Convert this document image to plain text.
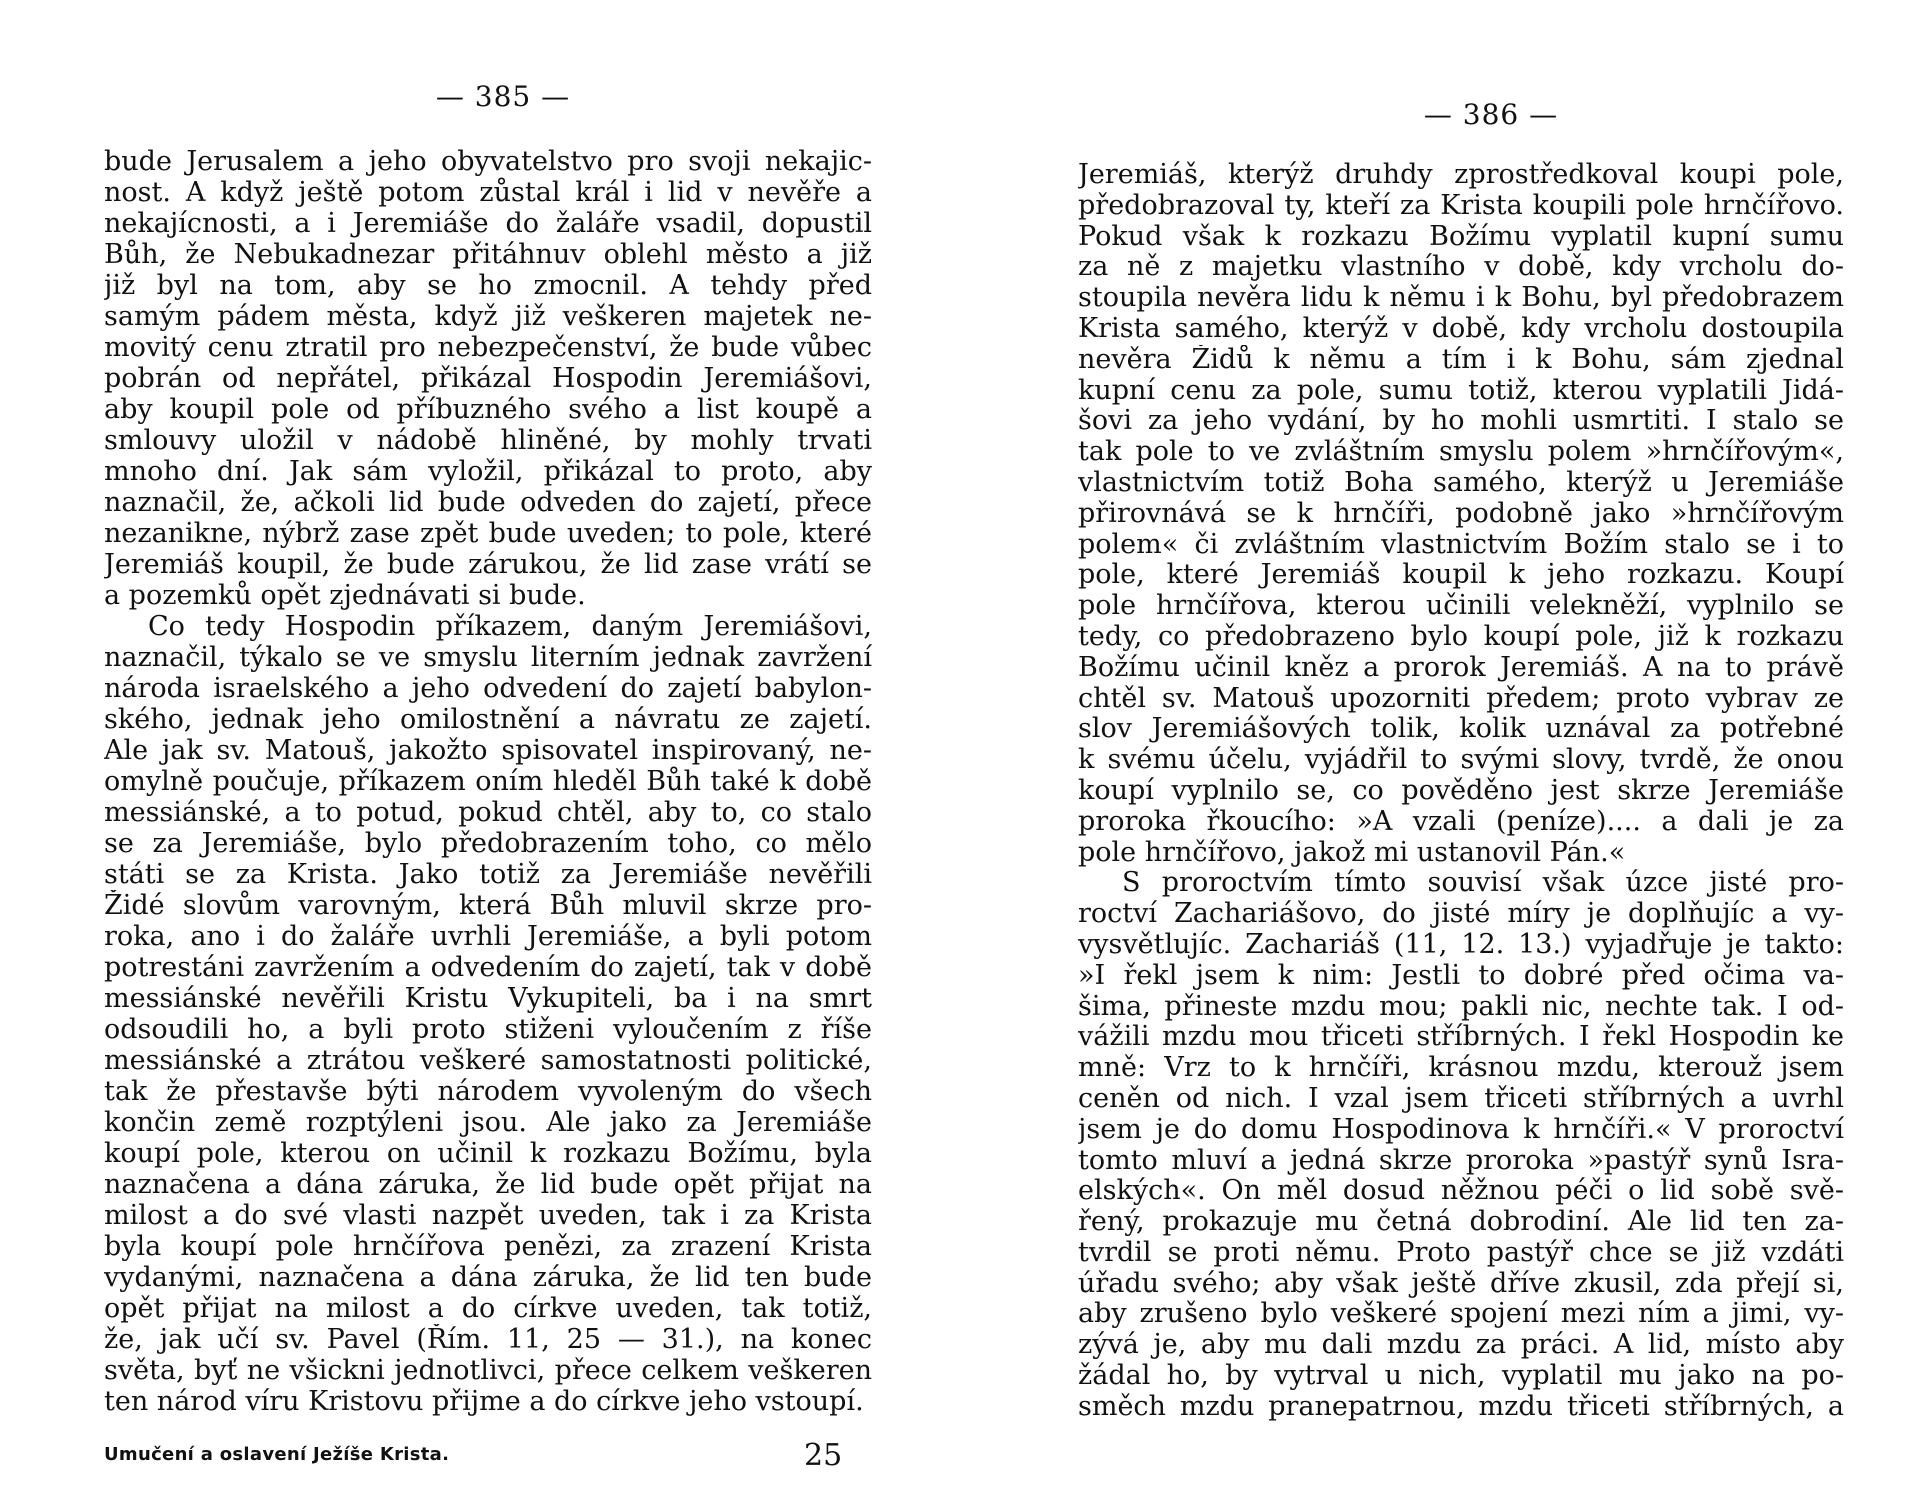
— 385 —
bude Jerusalem a jeho obyvatelstvo pro svoji nekajic-
nost. A když ještě potom zůstal král i lid v nevěře a
nekajícnosti, a i Jeremiáše do žaláře vsadil, dopustil
Bůh, že Nebukadnezar přitáhnuv oblehl město a již
již byl na tom, aby se ho zmocnil. A tehdy před
samým pádem města, když již veškeren majetek ne-
movitý cenu ztratil pro nebezpečenství, že bude vůbec
pobrán od nepřátel, přikázal Hospodin Jeremiášovi,
aby koupil pole od příbuzného svého a list koupě a
smlouvy uložil v nádobě hliněné, by mohly trvati
mnoho dní. Jak sám vyložil, přikázal to proto, aby
naznačil, že, ačkoli lid bude odveden do zajetí, přece
nezanikne, nýbrž zase zpět bude uveden; to pole, které
Jeremiáš koupil, že bude zárukou, že lid zase vrátí se
a pozemků opět zjednávati si bude.
Co tedy Hospodin příkazem, daným Jeremiášovi,
naznačil, týkalo se ve smyslu literním jednak zavržení
národa israelského a jeho odvedení do zajetí babylon-
ského, jednak jeho omilostnění a návratu ze zajetí.
Ale jak sv. Matouš, jakožto spisovatel inspirovaný, ne-
omylně poučuje, příkazem oním hleděl Bůh také k době
messiánské, a to potud, pokud chtěl, aby to, co stalo
se za Jeremiáše, bylo předobrazením toho, co mělo
státi se za Krista. Jako totiž za Jeremiáše nevěřili
Židé slovům varovným, která Bůh mluvil skrze pro-
roka, ano i do žaláře uvrhli Jeremiáše, a byli potom
potrestáni zavržením a odvedením do zajetí, tak v době
messiánské nevěřili Kristu Vykupiteli, ba i na smrt
odsoudili ho, a byli proto stiženi vyloučením z říše
messiánské a ztrátou veškeré samostatnosti politické,
tak že přestavše býti národem vyvoleným do všech
končin země rozptýleni jsou. Ale jako za Jeremiáše
koupí pole, kterou on učinil k rozkazu Božímu, byla
naznačena a dána záruka, že lid bude opět přijat na
milost a do své vlasti nazpět uveden, tak i za Krista
byla koupí pole hrnčířova penězi, za zrazení Krista
vydanými, naznačena a dána záruka, že lid ten bude
opět přijat na milost a do církve uveden, tak totiž,
že, jak učí sv. Pavel (Řím. 11, 25 — 31.), na konec
světa, byť ne všickni jednotlivci, přece celkem veškeren
ten národ víru Kristovu přijme a do církve jeho vstoupí.
Umučení a oslavení Ježíše Krista.	25
— 386 —
Jeremiáš, kterýž druhdy zprostředkoval koupi pole,
předobrazoval ty, kteří za Krista koupili pole hrnčířovo.
Pokud však k rozkazu Božímu vyplatil kupní sumu
za ně z majetku vlastního v době, kdy vrcholu do-
stoupila nevěra lidu k němu i k Bohu, byl předobrazem
Krista samého, kterýž v době, kdy vrcholu dostoupila
nevěra Židů k němu a tím i k Bohu, sám zjednal
kupní cenu za pole, sumu totiž, kterou vyplatili Jidá-
šovi za jeho vydání, by ho mohli usmrtiti. I stalo se
tak pole to ve zvláštním smyslu polem »hrnčířovým«,
vlastnictvím totiž Boha samého, kterýž u Jeremiáše
přirovnává se k hrnčíři, podobně jako »hrnčířovým
polem« či zvláštním vlastnictvím Božím stalo se i to
pole, které Jeremiáš koupil k jeho rozkazu. Koupí
pole hrnčířova, kterou učinili velekněží, vyplnilo se
tedy, co předobrazeno bylo koupí pole, již k rozkazu
Božímu učinil kněz a prorok Jeremiáš. A na to právě
chtěl sv. Matouš upozorniti předem; proto vybrav ze
slov Jeremiášových tolik, kolik uznával za potřebné
k svému účelu, vyjádřil to svými slovy, tvrdě, že onou
koupí vyplnilo se, co pověděno jest skrze Jeremiáše
proroka řkoucího: »A vzali (peníze).... a dali je za
pole hrnčířovo, jakož mi ustanovil Pán.«
S proroctvím tímto souvisí však úzce jisté pro-
roctví Zachariášovo, do jisté míry je doplňujíc a vy-
vysvětlujíc. Zachariáš (11, 12. 13.) vyjadřuje je takto:
»I řekl jsem k nim: Jestli to dobré před očima va-
šima, přineste mzdu mou; pakli nic, nechte tak. I od-
vážili mzdu mou třiceti stříbrných. I řekl Hospodin ke
mně: Vrz to k hrnčíři, krásnou mzdu, kterouž jsem
ceněn od nich. I vzal jsem třiceti stříbrných a uvrhl
jsem je do domu Hospodinova k hrnčíři.« V proroctví
tomto mluví a jedná skrze proroka »pastýř synů Isra-
elských«. On měl dosud něžnou péči o lid sobě svě-
řený, prokazuje mu četná dobrodiní. Ale lid ten za-
tvrdil se proti němu. Proto pastýř chce se již vzdáti
úřadu svého; aby však ještě dříve zkusil, zda přejí si,
aby zrušeno bylo veškeré spojení mezi ním a jimi, vy-
zývá je, aby mu dali mzdu za práci. A lid, místo aby
žádal ho, by vytrval u nich, vyplatil mu jako na po-
směch mzdu pranepatrnou, mzdu třiceti stříbrných, a
